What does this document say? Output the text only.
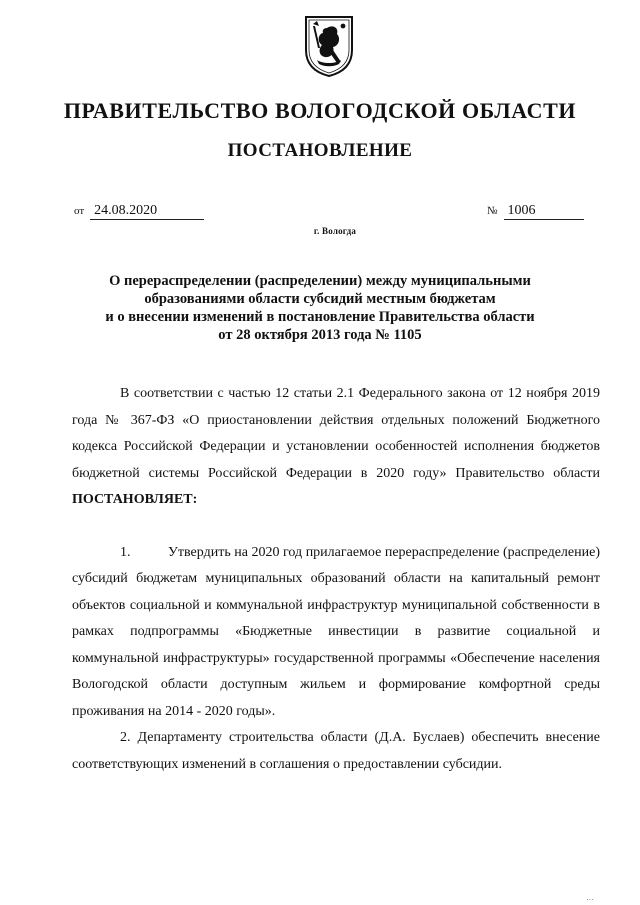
ПРАВИТЕЛЬСТВО ВОЛОГОДСКОЙ ОБЛАСТИ
ПОСТАНОВЛЕНИЕ
от 24.08.2020	№ 1006
г. Вологда
О перераспределении (распределении) между муниципальными
образованиями области субсидий местным бюджетам
и о внесении изменений в постановление Правительства области
от 28 октября 2013 года № 1105

В соответствии с частью 12 статьи 2.1 Федерального закона от 12 ноября 2019 года № 367-ФЗ «О приостановлении действия отдельных положений Бюджетного кодекса Российской Федерации и установлении особенностей исполнения бюджетов бюджетной системы Российской Федерации в 2020 году» Правительство области ПОСТАНОВЛЯЕТ:

1.	Утвердить на 2020 год прилагаемое перераспределение (распределение) субсидий бюджетам муниципальных образований области на капитальный ремонт объектов социальной и коммунальной инфраструктур муниципальной собственности в рамках подпрограммы «Бюджетные инвестиции в развитие социальной и коммунальной инфраструктуры» государственной программы «Обеспечение населения Вологодской области доступным жильем и формирование комфортной среды проживания на 2014 - 2020 годы».

2. Департаменту строительства области (Д.А. Буслаев) обеспечить внесение соответствующих изменений в соглашения о предоставлении субсидии.

…
